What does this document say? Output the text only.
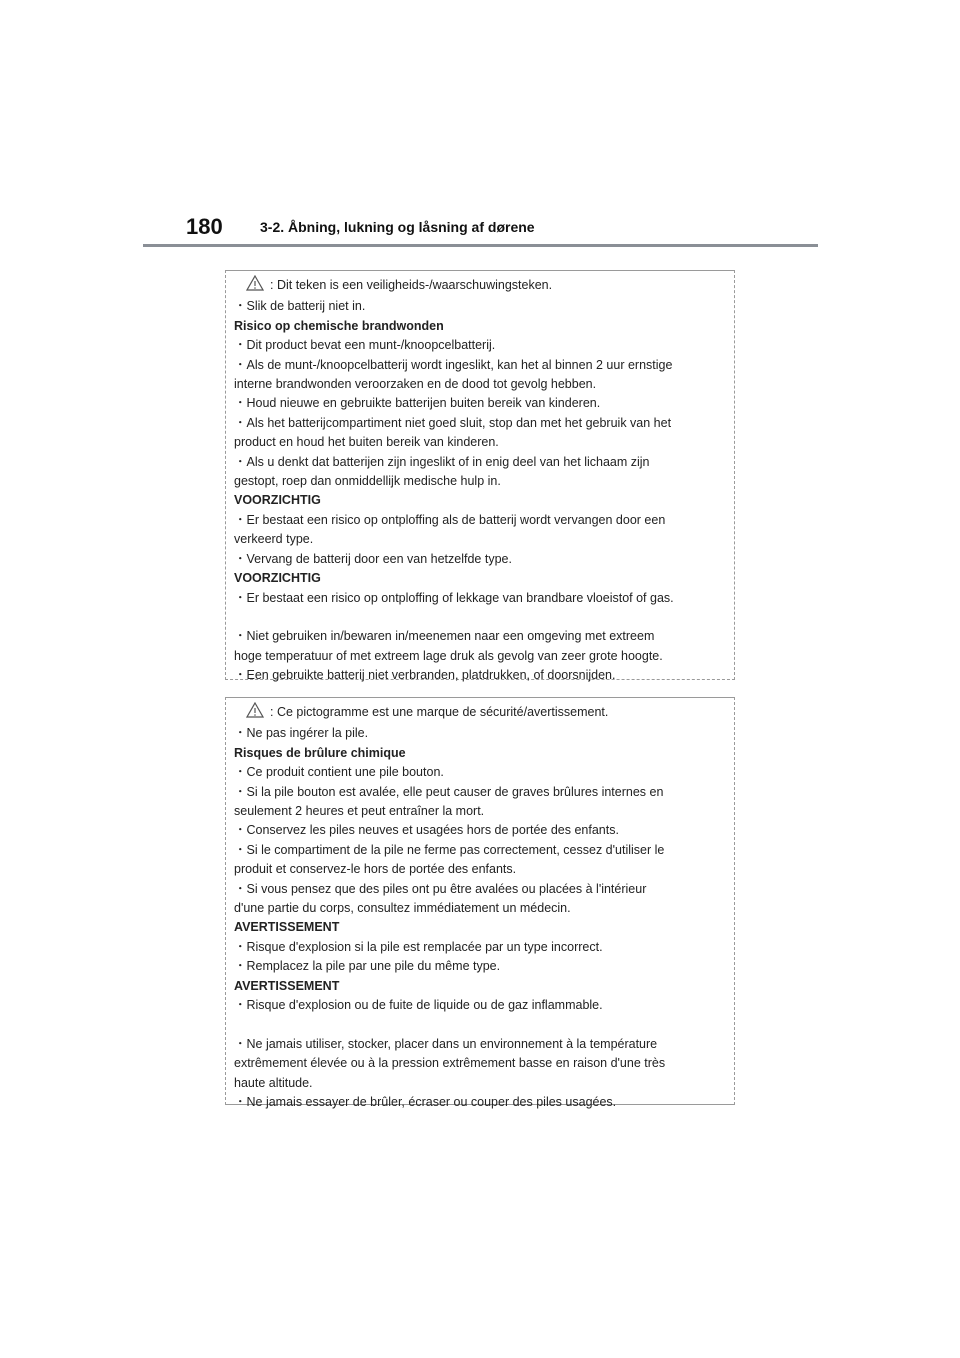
180	3-2. Åbning, lukning og låsning af dørene
: Dit teken is een veiligheids-/waarschuwingsteken.
・Slik de batterij niet in.
Risico op chemische brandwonden
・Dit product bevat een munt-/knoopcelbatterij.
・Als de munt-/knoopcelbatterij wordt ingeslikt, kan het al binnen 2 uur ernstige
interne brandwonden veroorzaken en de dood tot gevolg hebben.
・Houd nieuwe en gebruikte batterijen buiten bereik van kinderen.
・Als het batterijcompartiment niet goed sluit, stop dan met het gebruik van het
product en houd het buiten bereik van kinderen.
・Als u denkt dat batterijen zijn ingeslikt of in enig deel van het lichaam zijn
gestopt, roep dan onmiddellijk medische hulp in.
VOORZICHTIG
・Er bestaat een risico op ontploffing als de batterij wordt vervangen door een
verkeerd type.
・Vervang de batterij door een van hetzelfde type.
VOORZICHTIG
・Er bestaat een risico op ontploffing of lekkage van brandbare vloeistof of gas.
・Niet gebruiken in/bewaren in/meenemen naar een omgeving met extreem
hoge temperatuur of met extreem lage druk als gevolg van zeer grote hoogte.
・Een gebruikte batterij niet verbranden, platdrukken, of doorsnijden.
: Ce pictogramme est une marque de sécurité/avertissement.
・Ne pas ingérer la pile.
Risques de brûlure chimique
・Ce produit contient une pile bouton.
・Si la pile bouton est avalée, elle peut causer de graves brûlures internes en
seulement 2 heures et peut entraîner la mort.
・Conservez les piles neuves et usagées hors de portée des enfants.
・Si le compartiment de la pile ne ferme pas correctement, cessez d'utiliser le
produit et conservez-le hors de portée des enfants.
・Si vous pensez que des piles ont pu être avalées ou placées à l'intérieur
d'une partie du corps, consultez immédiatement un médecin.
AVERTISSEMENT
・Risque d'explosion si la pile est remplacée par un type incorrect.
・Remplacez la pile par une pile du même type.
AVERTISSEMENT
・Risque d'explosion ou de fuite de liquide ou de gaz inflammable.
・Ne jamais utiliser, stocker, placer dans un environnement à la température
extrêmement élevée ou à la pression extrêmement basse en raison d'une très
haute altitude.
・Ne jamais essayer de brûler, écraser ou couper des piles usagées.
